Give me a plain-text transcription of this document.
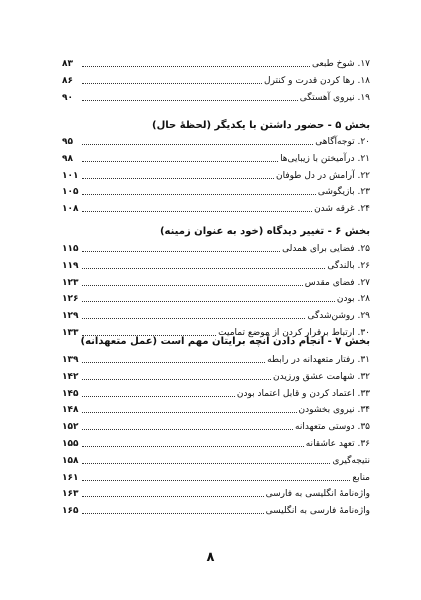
۱۷. شوخ طبعی
۸۳
۱۸. رها کردن قدرت و کنترل
۸۶
۱۹. نیروی آهستگی
۹۰
بخش ۵ - حضور داشتن با یکدیگر (لحظهٔ حال)
۲۰. توجه‌آگاهی
۹۵
۲۱. درآمیختن با زیبایی‌ها
۹۸
۲۲. آرامش در دل طوفان
۱۰۱
۲۳. بازیگوشی
۱۰۵
۲۴. غرقه شدن
۱۰۸
بخش ۶ - تغییر دیدگاه (خود به عنوان زمینه)
۲۵. فضایی برای همدلی
۱۱۵
۲۶. بالندگی
۱۱۹
۲۷. فضای مقدس
۱۲۳
۲۸. بودن
۱۲۶
۲۹. روشن‌شدگی
۱۲۹
۳۰. ارتباط برقرار کردن از موضع تمامیت
۱۳۳
بخش ۷ - انجام دادن آنچه برایتان مهم است (عمل متعهدانه)
۳۱. رفتار متعهدانه در رابطه
۱۳۹
۳۲. شهامت عشق ورزیدن
۱۴۲
۳۳. اعتماد کردن و قابل اعتماد بودن
۱۴۵
۳۴. نیروی بخشودن
۱۴۸
۳۵. دوستی متعهدانه
۱۵۲
۳۶. تعهد عاشقانه
۱۵۵
نتیجه‌گیری
۱۵۸
منابع
۱۶۱
واژه‌نامهٔ انگلیسی به فارسی
۱۶۳
واژه‌نامهٔ فارسی به انگلیسی
۱۶۵
۸
